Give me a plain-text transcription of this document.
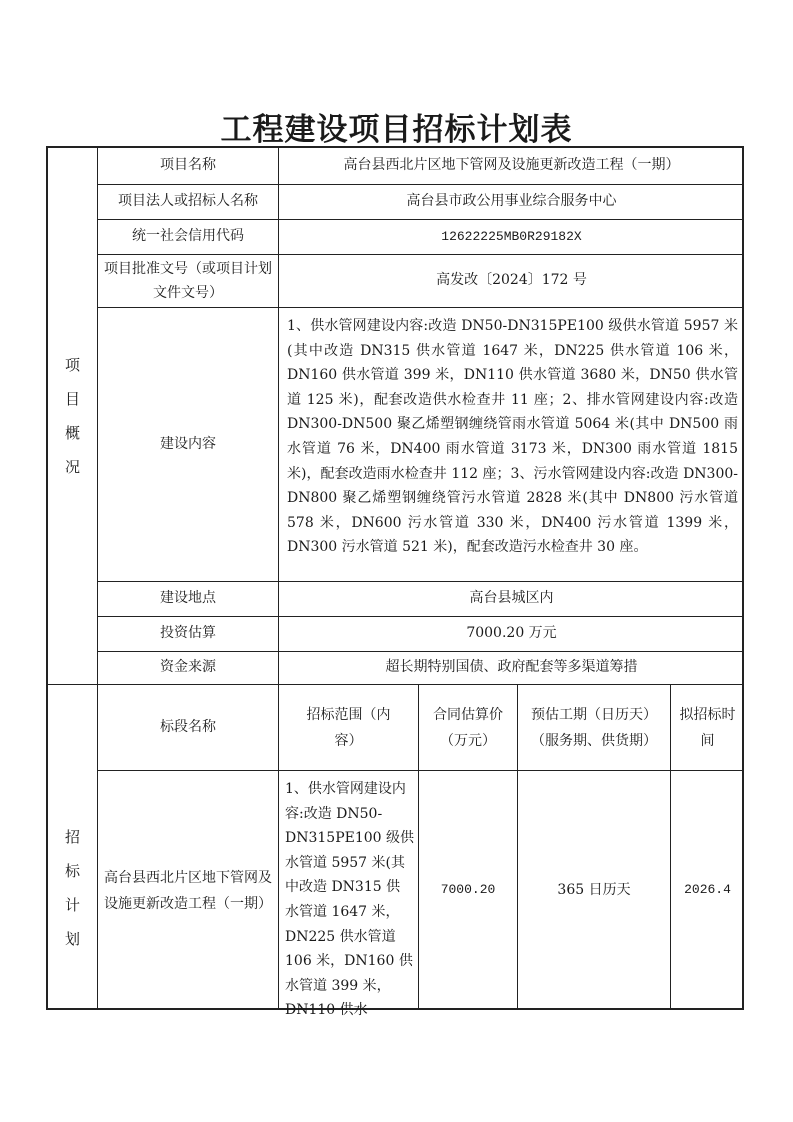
工程建设项目招标计划表
项
目
概
况
项目名称	高台县西北片区地下管网及设施更新改造工程（一期）
项目法人或招标人名称	高台县市政公用事业综合服务中心
统一社会信用代码	12622225MB0R29182X
项目批准文号（或项目计划文件文号）
高发改〔2024〕172 号
建设内容
1、供水管网建设内容:改造 DN50-DN315PE100 级供水管道 5957 米(其中改造 DN315 供水管道 1647 米，DN225 供水管道 106 米，DN160 供水管道 399 米，DN110 供水管道 3680 米，DN50 供水管道 125 米)，配套改造供水检查井 11 座；2、排水管网建设内容:改造 DN300-DN500 聚乙烯塑钢缠绕管雨水管道 5064 米(其中 DN500 雨水管道 76 米，DN400 雨水管道 3173 米，DN300 雨水管道 1815 米)，配套改造雨水检查井 112 座；3、污水管网建设内容:改造 DN300-DN800 聚乙烯塑钢缠绕管污水管道 2828 米(其中 DN800 污水管道 578 米，DN600 污水管道 330 米，DN400 污水管道 1399 米，DN300 污水管道 521 米)，配套改造污水检查井 30 座。
建设地点	高台县城区内
投资估算	7000.20 万元
资金来源	超长期特别国债、政府配套等多渠道筹措
招
标
计
划
标段名称
招标范围（内容）
合同估算价（万元）
预估工期（日历天）（服务期、供货期）
拟招标时间
高台县西北片区地下管网及设施更新改造工程（一期）
1、供水管网建设内容:改造 DN50-DN315PE100 级供水管道 5957 米(其中改造 DN315 供水管道 1647 米，DN225 供水管道 106 米，DN160 供水管道 399 米，DN110 供水
7000.20	365 日历天	2026.4
